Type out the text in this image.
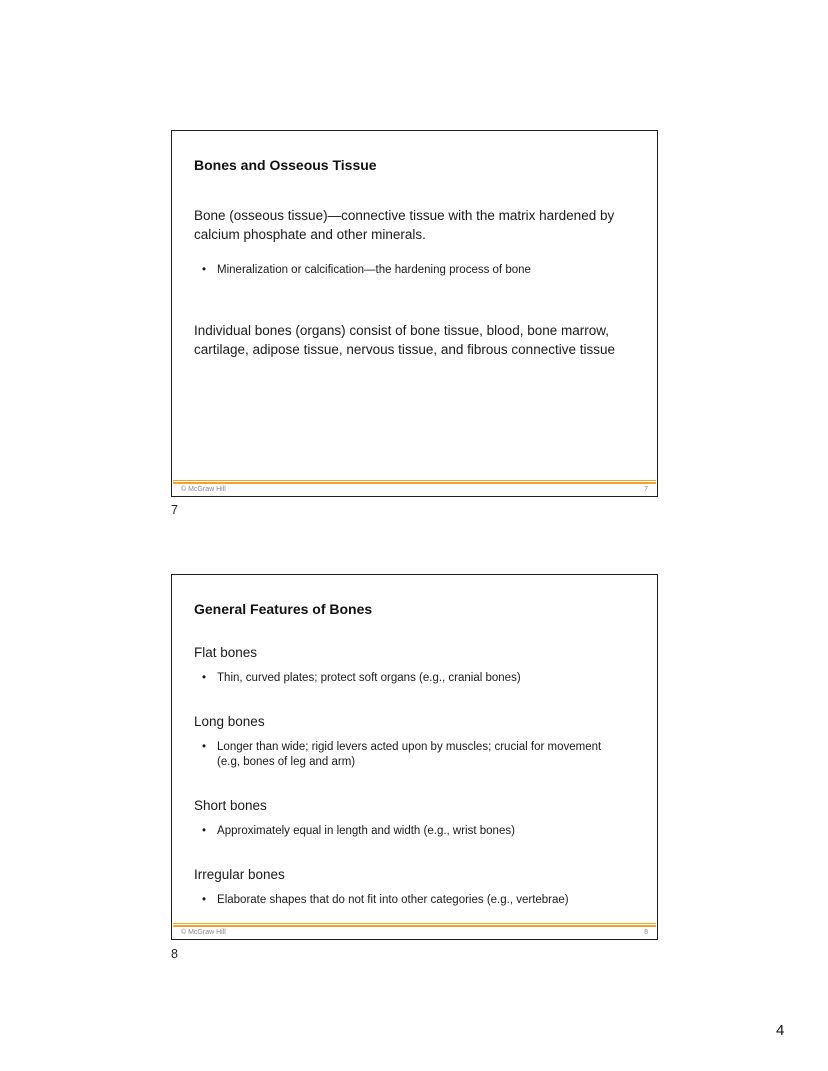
Bones and Osseous Tissue
Bone (osseous tissue)—connective tissue with the matrix hardened by calcium phosphate and other minerals.
• Mineralization or calcification—the hardening process of bone
Individual bones (organs) consist of bone tissue, blood, bone marrow, cartilage, adipose tissue, nervous tissue, and fibrous connective tissue
© McGraw Hill	7
7
General Features of Bones
Flat bones
• Thin, curved plates; protect soft organs (e.g., cranial bones)
Long bones
• Longer than wide; rigid levers acted upon by muscles; crucial for movement (e.g, bones of leg and arm)
Short bones
• Approximately equal in length and width (e.g., wrist bones)
Irregular bones
• Elaborate shapes that do not fit into other categories (e.g., vertebrae)
© McGraw Hill	8
8
4
